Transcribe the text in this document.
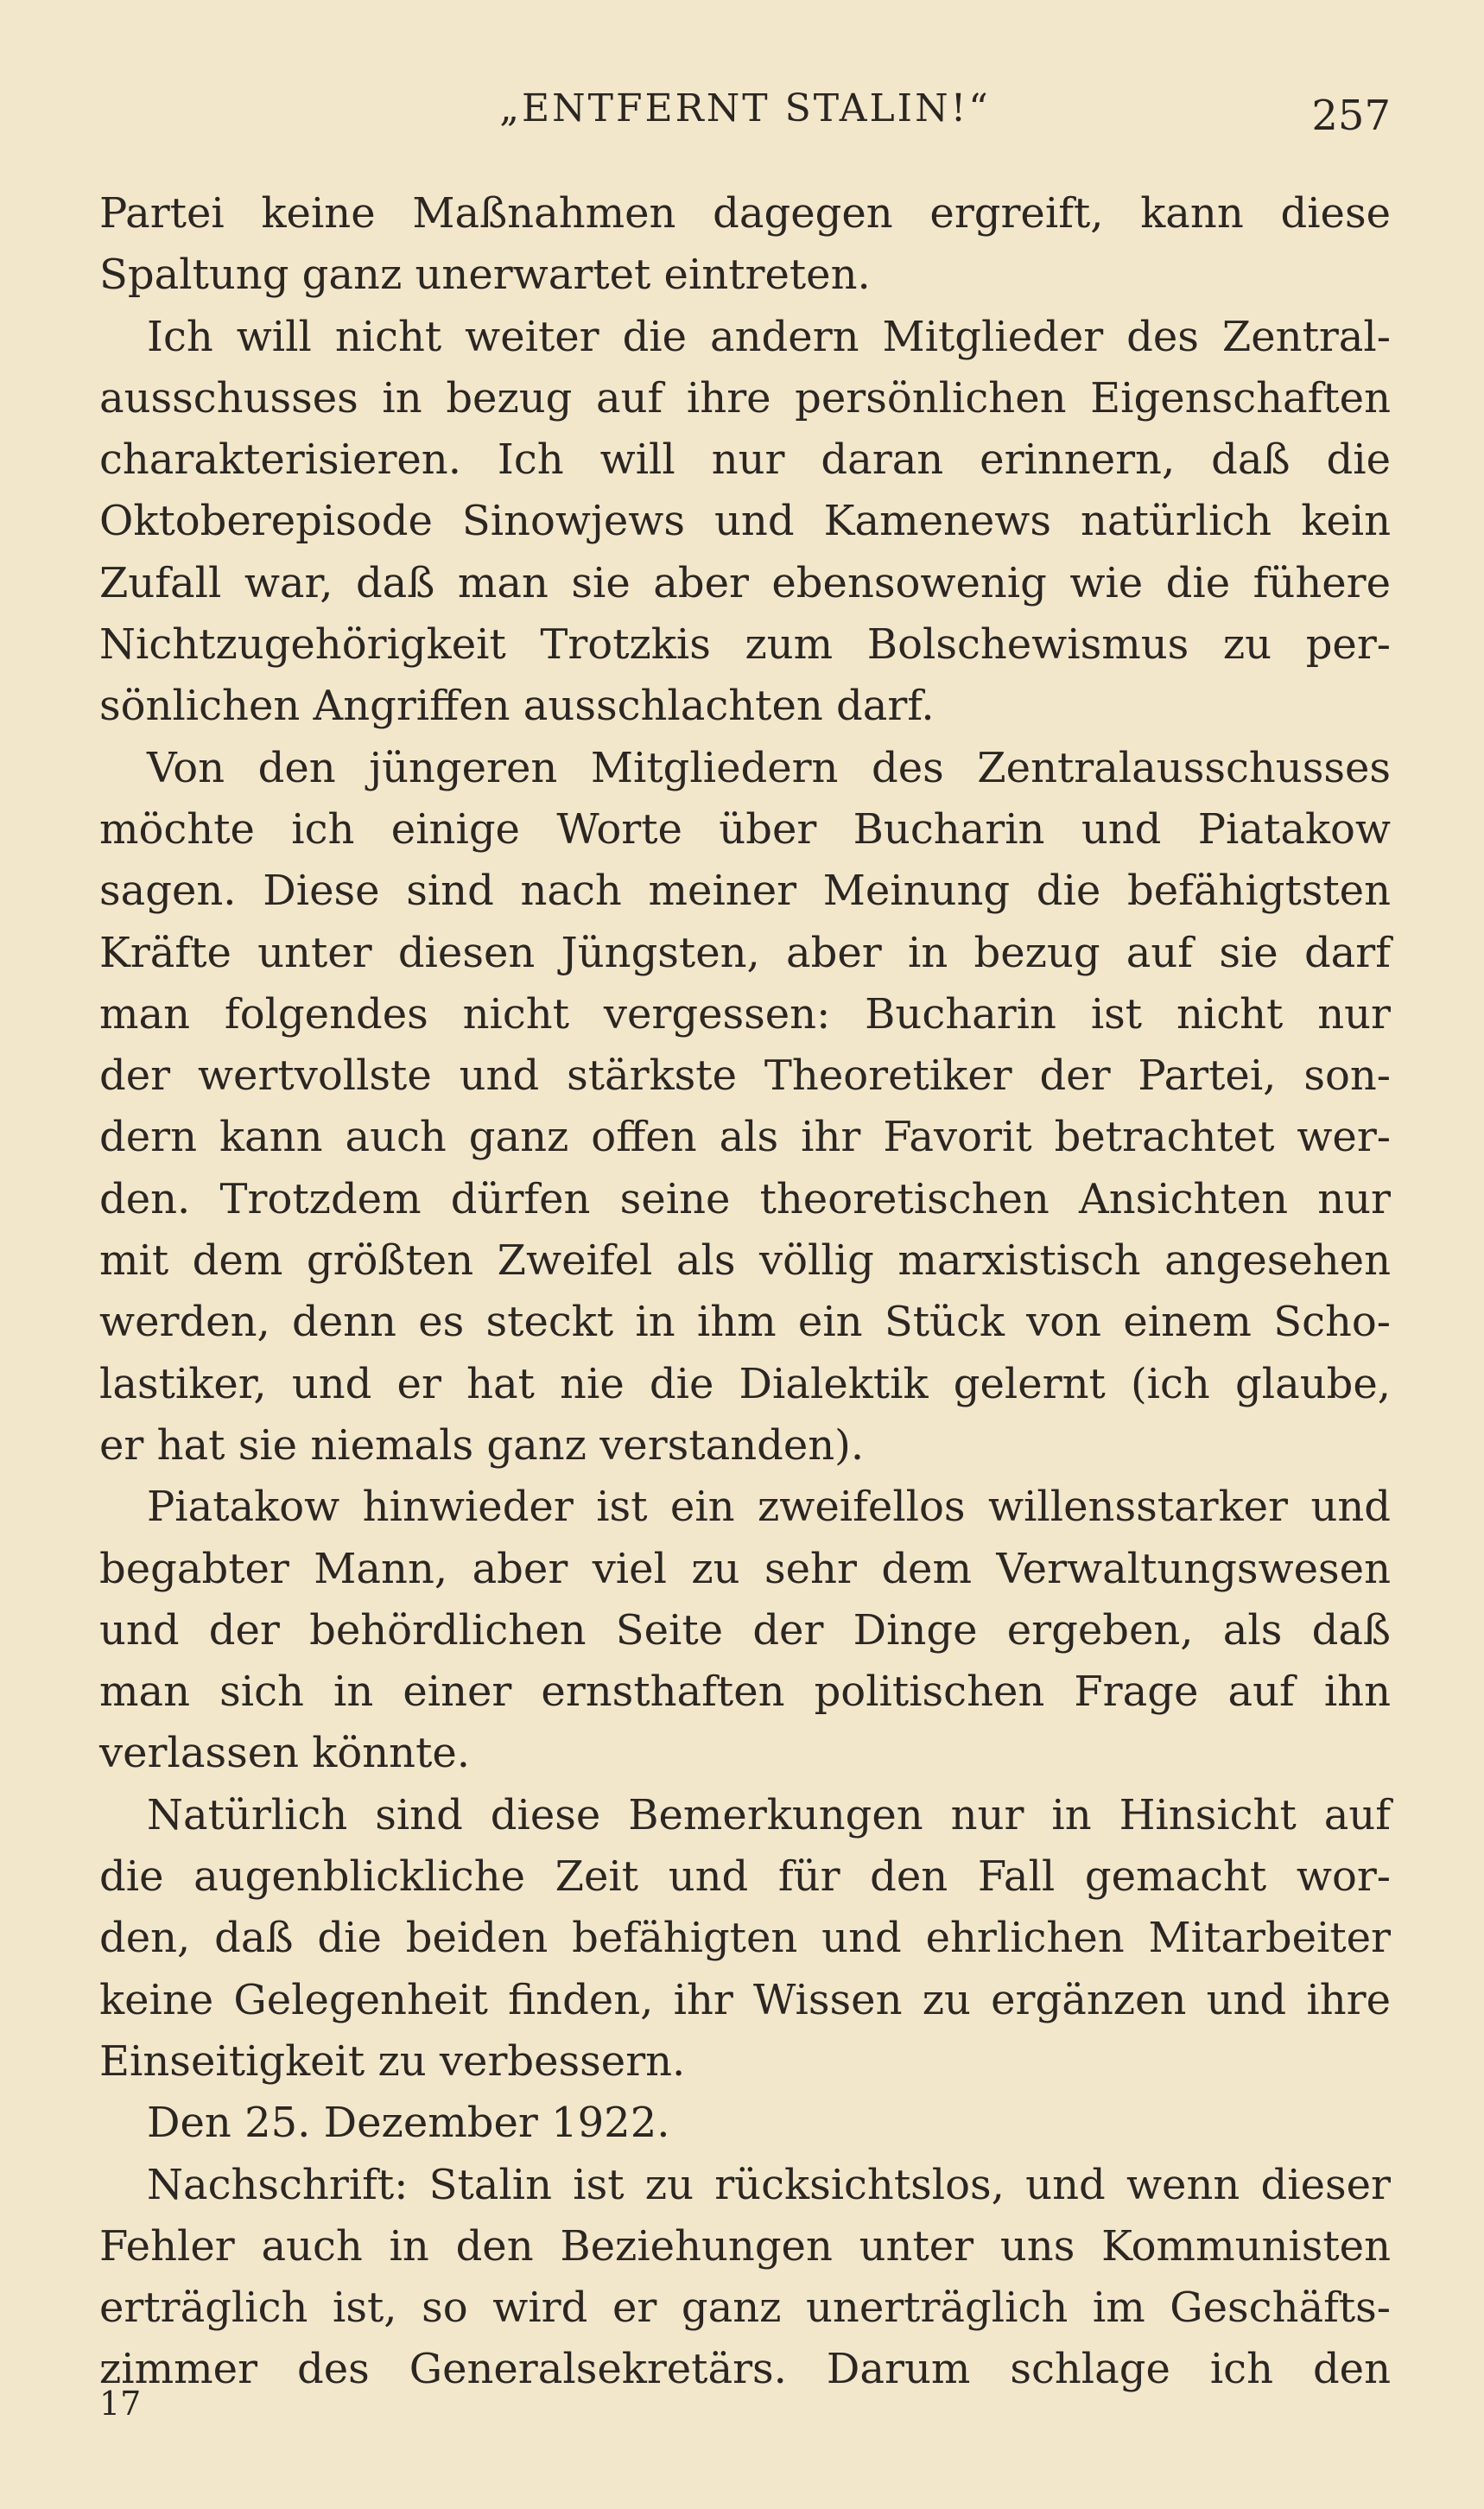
„ENTFERNT STALIN!“	257
Partei keine Maßnahmen dagegen ergreift, kann diese
Spaltung ganz unerwartet eintreten.
Ich will nicht weiter die andern Mitglieder des Zentral-
ausschusses in bezug auf ihre persönlichen Eigenschaften
charakterisieren. Ich will nur daran erinnern, daß die
Oktoberepisode Sinowjews und Kamenews natürlich kein
Zufall war, daß man sie aber ebensowenig wie die fühere
Nichtzugehörigkeit Trotzkis zum Bolschewismus zu per-
sönlichen Angriffen ausschlachten darf.
Von den jüngeren Mitgliedern des Zentralausschusses
möchte ich einige Worte über Bucharin und Piatakow
sagen. Diese sind nach meiner Meinung die befähigtsten
Kräfte unter diesen Jüngsten, aber in bezug auf sie darf
man folgendes nicht vergessen: Bucharin ist nicht nur
der wertvollste und stärkste Theoretiker der Partei, son-
dern kann auch ganz offen als ihr Favorit betrachtet wer-
den. Trotzdem dürfen seine theoretischen Ansichten nur
mit dem größten Zweifel als völlig marxistisch angesehen
werden, denn es steckt in ihm ein Stück von einem Scho-
lastiker, und er hat nie die Dialektik gelernt (ich glaube,
er hat sie niemals ganz verstanden).
Piatakow hinwieder ist ein zweifellos willensstarker und
begabter Mann, aber viel zu sehr dem Verwaltungswesen
und der behördlichen Seite der Dinge ergeben, als daß
man sich in einer ernsthaften politischen Frage auf ihn
verlassen könnte.
Natürlich sind diese Bemerkungen nur in Hinsicht auf
die augenblickliche Zeit und für den Fall gemacht wor-
den, daß die beiden befähigten und ehrlichen Mitarbeiter
keine Gelegenheit finden, ihr Wissen zu ergänzen und ihre
Einseitigkeit zu verbessern.
Den 25. Dezember 1922.
Nachschrift: Stalin ist zu rücksichtslos, und wenn dieser
Fehler auch in den Beziehungen unter uns Kommunisten
erträglich ist, so wird er ganz unerträglich im Geschäfts-
zimmer des Generalsekretärs. Darum schlage ich den
17
